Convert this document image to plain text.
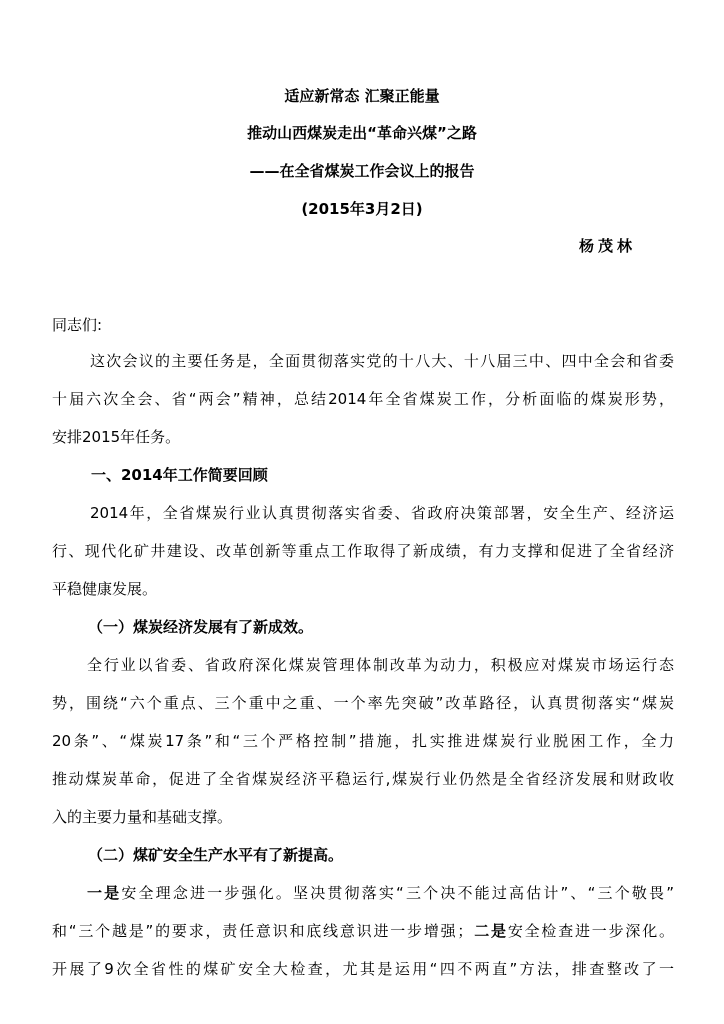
适应新常态 汇聚正能量
推动山西煤炭走出“革命兴煤”之路
——在全省煤炭工作会议上的报告
(2015年3月2日)
杨茂林
同志们:
这次会议的主要任务是，全面贯彻落实党的十八大、十八届三中、四中全会和省委
十届六次全会、省“两会”精神，总结2014年全省煤炭工作，分析面临的煤炭形势，
安排2015年任务。
一、2014年工作简要回顾
2014年，全省煤炭行业认真贯彻落实省委、省政府决策部署，安全生产、经济运
行、现代化矿井建设、改革创新等重点工作取得了新成绩，有力支撑和促进了全省经济
平稳健康发展。
（一）煤炭经济发展有了新成效。
全行业以省委、省政府深化煤炭管理体制改革为动力，积极应对煤炭市场运行态
势，围绕“六个重点、三个重中之重、一个率先突破”改革路径，认真贯彻落实“煤炭
20条”、“煤炭17条”和“三个严格控制”措施，扎实推进煤炭行业脱困工作，全力
推动煤炭革命，促进了全省煤炭经济平稳运行,煤炭行业仍然是全省经济发展和财政收
入的主要力量和基础支撑。
（二）煤矿安全生产水平有了新提高。
一是安全理念进一步强化。坚决贯彻落实“三个决不能过高估计”、“三个敬畏”
和“三个越是”的要求，责任意识和底线意识进一步增强；二是安全检查进一步深化。
开展了9次全省性的煤矿安全大检查，尤其是运用“四不两直”方法，排查整改了一
